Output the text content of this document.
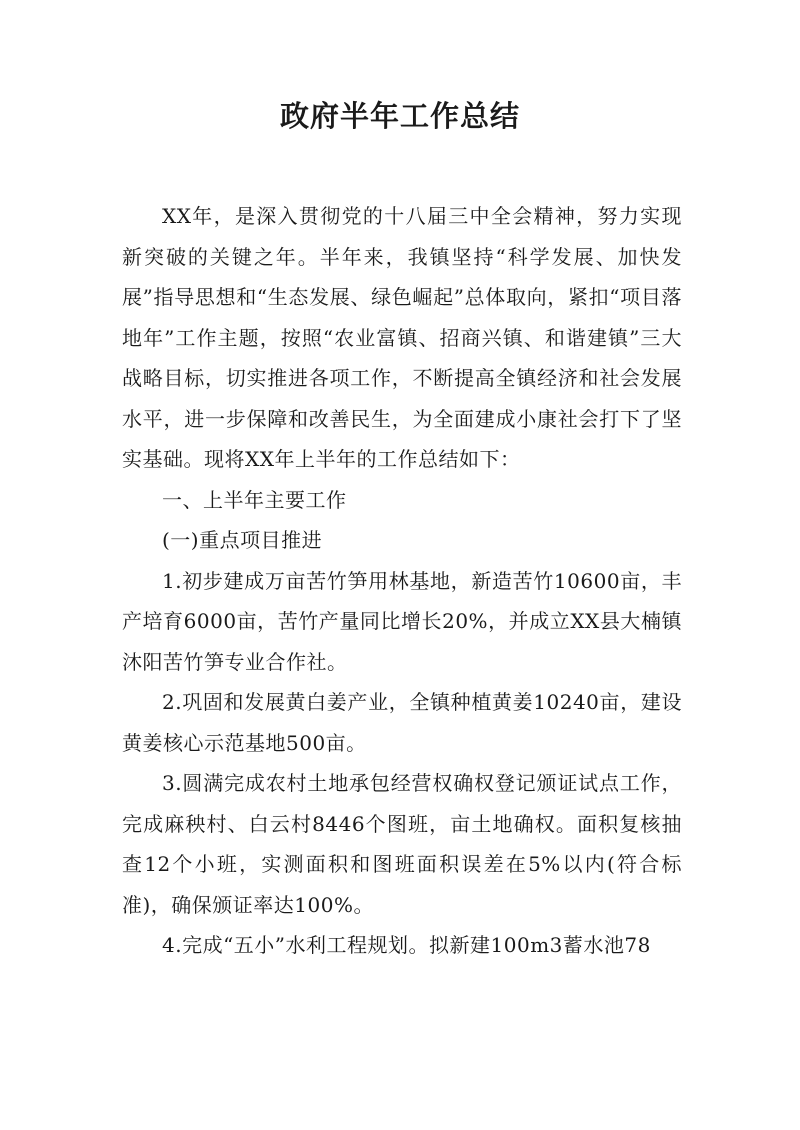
政府半年工作总结

XX年，是深入贯彻党的十八届三中全会精神，努力实现新突破的关键之年。半年来，我镇坚持“科学发展、加快发展”指导思想和“生态发展、绿色崛起”总体取向，紧扣“项目落地年”工作主题，按照“农业富镇、招商兴镇、和谐建镇”三大战略目标，切实推进各项工作，不断提高全镇经济和社会发展水平，进一步保障和改善民生，为全面建成小康社会打下了坚实基础。现将XX年上半年的工作总结如下：

一、上半年主要工作

(一)重点项目推进

1.初步建成万亩苦竹笋用林基地，新造苦竹10600亩，丰产培育6000亩，苦竹产量同比增长20%，并成立XX县大楠镇沐阳苦竹笋专业合作社。

2.巩固和发展黄白姜产业，全镇种植黄姜10240亩，建设黄姜核心示范基地500亩。

3.圆满完成农村土地承包经营权确权登记颁证试点工作，完成麻秧村、白云村8446个图班，亩土地确权。面积复核抽查12个小班，实测面积和图班面积误差在5%以内(符合标准)，确保颁证率达100%。

4.完成“五小”水利工程规划。拟新建100m3蓄水池78
